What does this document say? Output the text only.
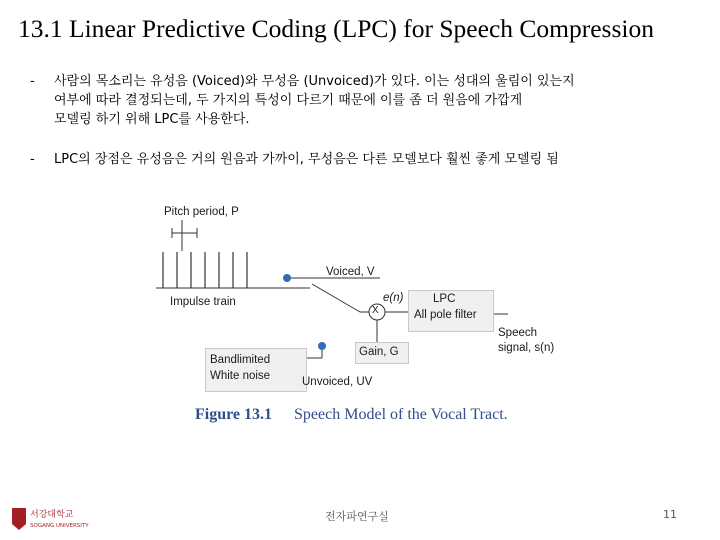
13.1 Linear Predictive Coding (LPC) for Speech Compression
- 사람의 목소리는 유성음 (Voiced)와 무성음 (Unvoiced)가 있다. 이는 성대의 울림이 있는지
여부에 따라 결정되는데, 두 가지의 특성이 다르기 때문에 이를 좀 더 원음에 가깝게
모델링 하기 위해 LPC를 사용한다.
- LPC의 장점은 유성음은 거의 원음과 가까이, 무성음은 다른 모델보다 훨씬 좋게 모델링 됨
Pitch period, P
Impulse train
Voiced, V
e(n)
X
LPC
All pole filter
Speech
signal, s(n)
Gain, G
Bandlimited
White noise	Unvoiced, UV
Figure 13.1 Speech Model of the Vocal Tract.
서강대학교
SOGANG UNIVERSITY
전자파연구실	11
